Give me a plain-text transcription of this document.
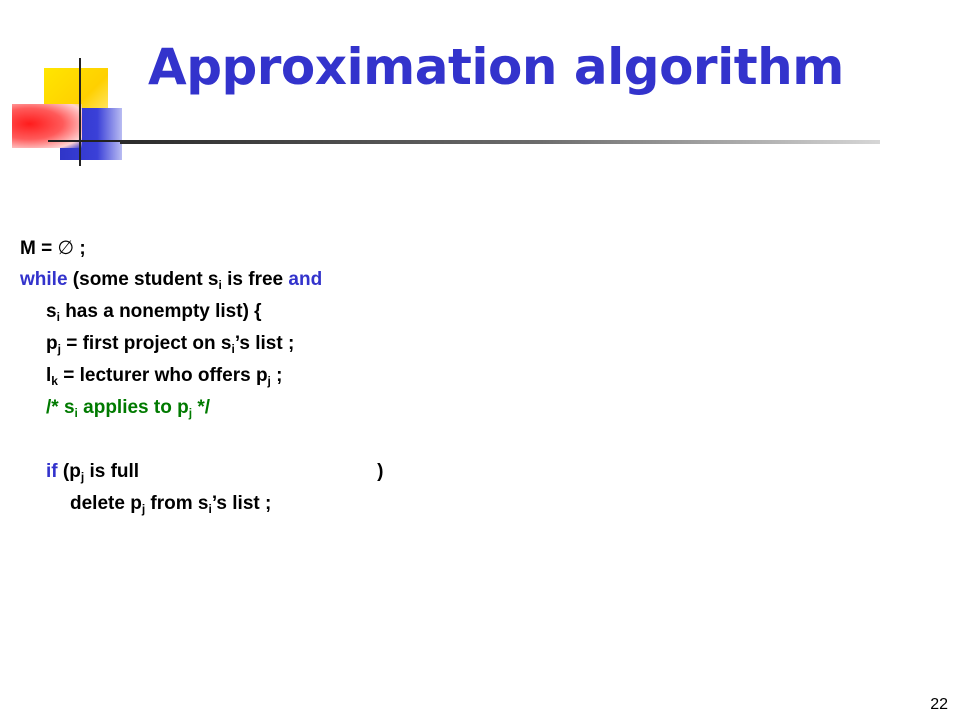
Approximation algorithm
M = ∅ ;
while (some student $s_i$ is free and
$s_i$ has a nonempty list) {
$p_j$ = first project on $s_i’s$ list ;
$l_k$ = lecturer who offers $p_j$ ;
/* $s_i$ applies to $p_j$ */
if ($p_j$ is full	)
delete $p_j$ from $s_i’s$ list ;
22
